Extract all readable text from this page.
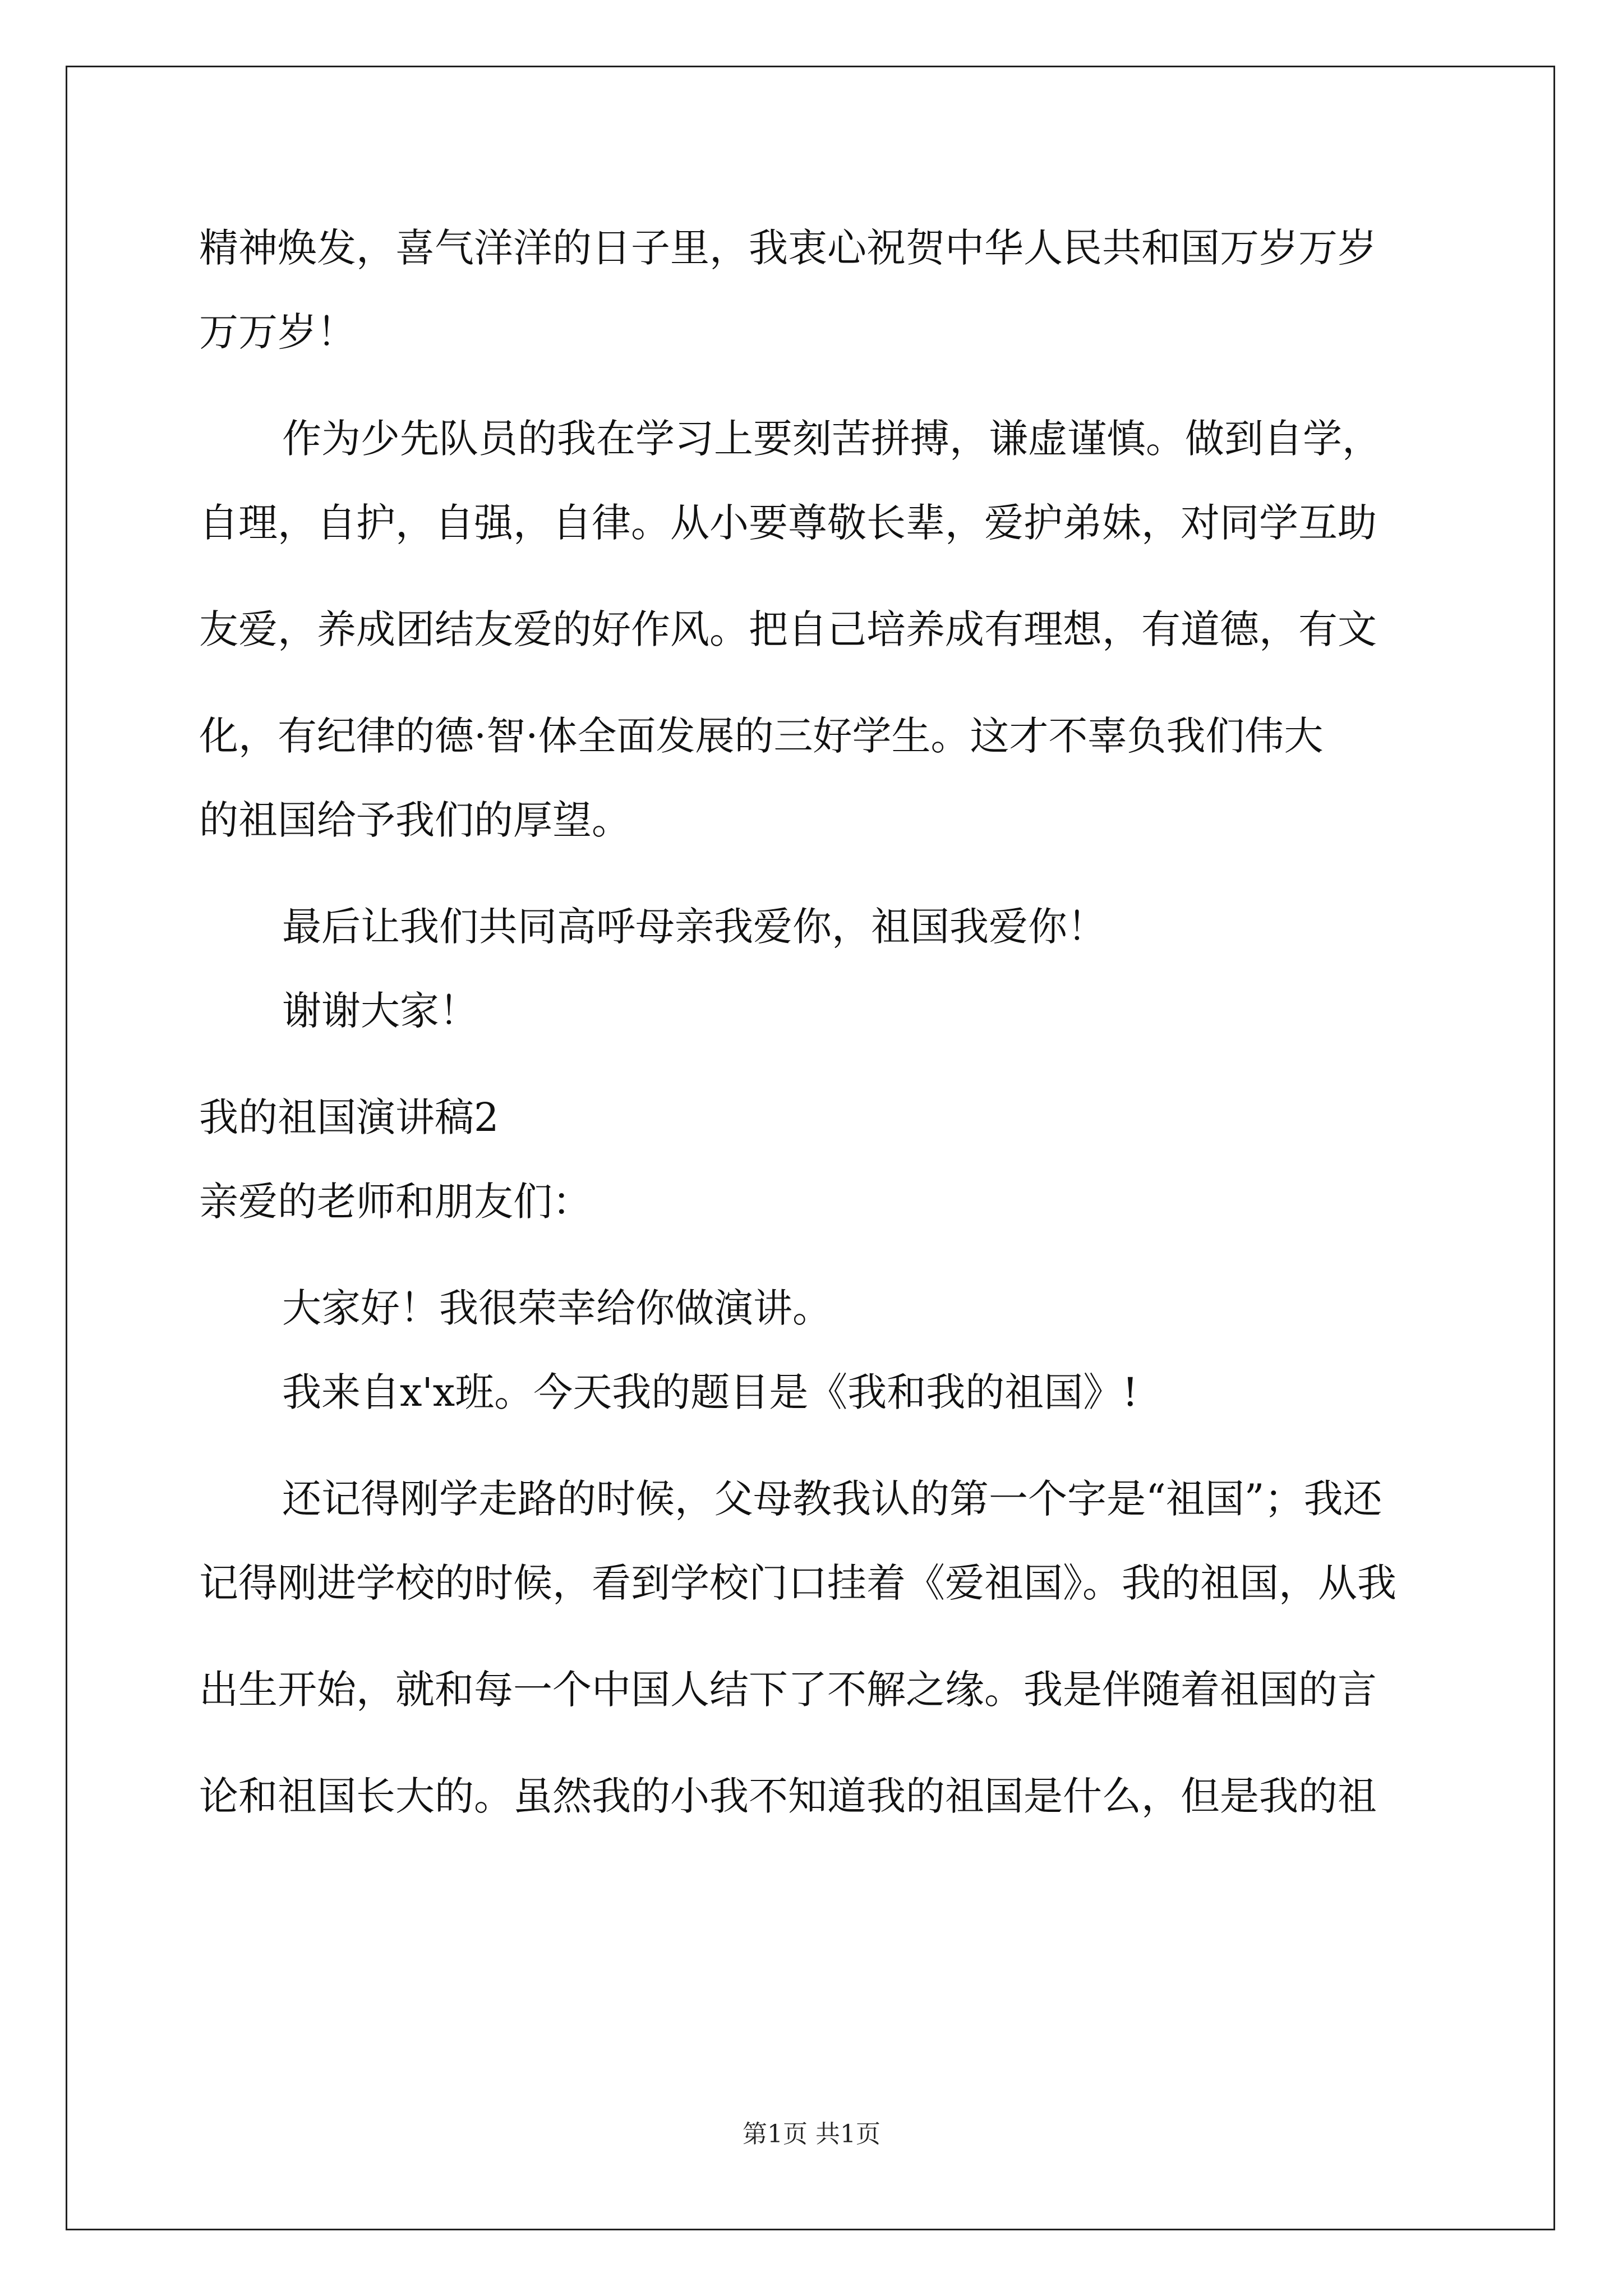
精神焕发，喜气洋洋的日子里，我衷心祝贺中华人民共和国万岁万岁
万万岁！
作为少先队员的我在学习上要刻苦拼搏，谦虚谨慎。做到自学，
自理，自护，自强，自律。从小要尊敬长辈，爱护弟妹，对同学互助
友爱，养成团结友爱的好作风。把自己培养成有理想，有道德，有文
化，有纪律的德·智·体全面发展的三好学生。这才不辜负我们伟大
的祖国给予我们的厚望。
最后让我们共同高呼母亲我爱你，祖国我爱你！
谢谢大家！
我的祖国演讲稿2
亲爱的老师和朋友们：
大家好！我很荣幸给你做演讲。
我来自x'x班。今天我的题目是《我和我的祖国》!
还记得刚学走路的时候，父母教我认的第一个字是“祖国”；我还
记得刚进学校的时候，看到学校门口挂着《爱祖国》。我的祖国，从我
出生开始，就和每一个中国人结下了不解之缘。我是伴随着祖国的言
论和祖国长大的。虽然我的小我不知道我的祖国是什么，但是我的祖
第1页 共1页
